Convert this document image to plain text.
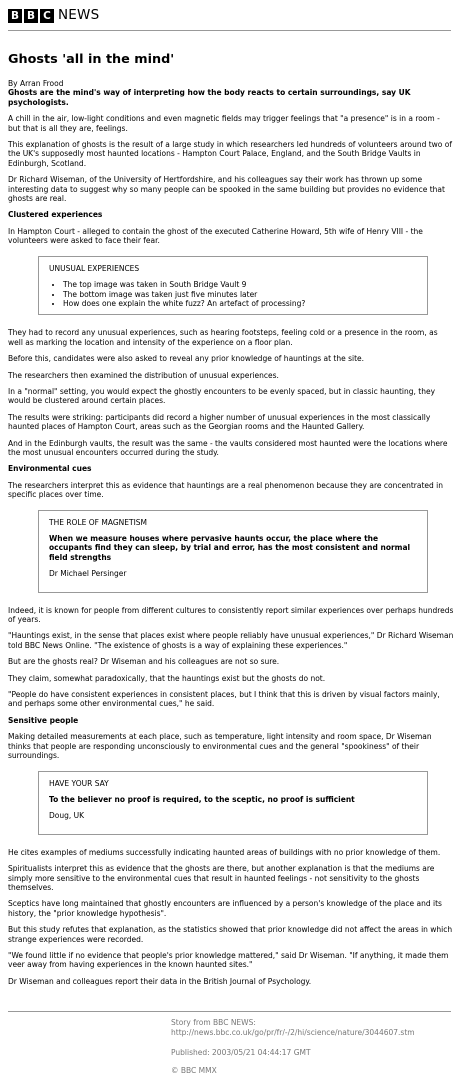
B B C NEWS
Ghosts 'all in the mind'

By Arran Frood

Ghosts are the mind's way of interpreting how the body reacts to certain surroundings, say UK psychologists.

A chill in the air, low-light conditions and even magnetic fields may trigger feelings that "a presence" is in a room - but that is all they are, feelings.

This explanation of ghosts is the result of a large study in which researchers led hundreds of volunteers around two of the UK's supposedly most haunted locations - Hampton Court Palace, England, and the South Bridge Vaults in Edinburgh, Scotland.

Dr Richard Wiseman, of the University of Hertfordshire, and his colleagues say their work has thrown up some interesting data to suggest why so many people can be spooked in the same building but provides no evidence that ghosts are real.

Clustered experiences

In Hampton Court - alleged to contain the ghost of the executed Catherine Howard, 5th wife of Henry VIII - the volunteers were asked to face their fear.

UNUSUAL EXPERIENCES

• The top image was taken in South Bridge Vault 9
• The bottom image was taken just five minutes later
• How does one explain the white fuzz? An artefact of processing?

They had to record any unusual experiences, such as hearing footsteps, feeling cold or a presence in the room, as well as marking the location and intensity of the experience on a floor plan.

Before this, candidates were also asked to reveal any prior knowledge of hauntings at the site.

The researchers then examined the distribution of unusual experiences.

In a "normal" setting, you would expect the ghostly encounters to be evenly spaced, but in classic haunting, they would be clustered around certain places.

The results were striking: participants did record a higher number of unusual experiences in the most classically haunted places of Hampton Court, areas such as the Georgian rooms and the Haunted Gallery.

And in the Edinburgh vaults, the result was the same - the vaults considered most haunted were the locations where the most unusual encounters occurred during the study.

Environmental cues

The researchers interpret this as evidence that hauntings are a real phenomenon because they are concentrated in specific places over time.

THE ROLE OF MAGNETISM

When we measure houses where pervasive haunts occur, the place where the occupants find they can sleep, by trial and error, has the most consistent and normal field strengths

Dr Michael Persinger

Indeed, it is known for people from different cultures to consistently report similar experiences over perhaps hundreds of years.

"Hauntings exist, in the sense that places exist where people reliably have unusual experiences," Dr Richard Wiseman told BBC News Online. "The existence of ghosts is a way of explaining these experiences."

But are the ghosts real? Dr Wiseman and his colleagues are not so sure.

They claim, somewhat paradoxically, that the hauntings exist but the ghosts do not.

"People do have consistent experiences in consistent places, but I think that this is driven by visual factors mainly, and perhaps some other environmental cues," he said.

Sensitive people

Making detailed measurements at each place, such as temperature, light intensity and room space, Dr Wiseman thinks that people are responding unconsciously to environmental cues and the general "spookiness" of their surroundings.

HAVE YOUR SAY

To the believer no proof is required, to the sceptic, no proof is sufficient

Doug, UK

He cites examples of mediums successfully indicating haunted areas of buildings with no prior knowledge of them.

Spiritualists interpret this as evidence that the ghosts are there, but another explanation is that the mediums are simply more sensitive to the environmental cues that result in haunted feelings - not sensitivity to the ghosts themselves.

Sceptics have long maintained that ghostly encounters are influenced by a person's knowledge of the place and its history, the "prior knowledge hypothesis".

But this study refutes that explanation, as the statistics showed that prior knowledge did not affect the areas in which strange experiences were recorded.

"We found little if no evidence that people's prior knowledge mattered," said Dr Wiseman. "If anything, it made them veer away from having experiences in the known haunted sites."

Dr Wiseman and colleagues report their data in the British Journal of Psychology.

Story from BBC NEWS:
http://news.bbc.co.uk/go/pr/fr/-/2/hi/science/nature/3044607.stm
Published: 2003/05/21 04:44:17 GMT
© BBC MMX
